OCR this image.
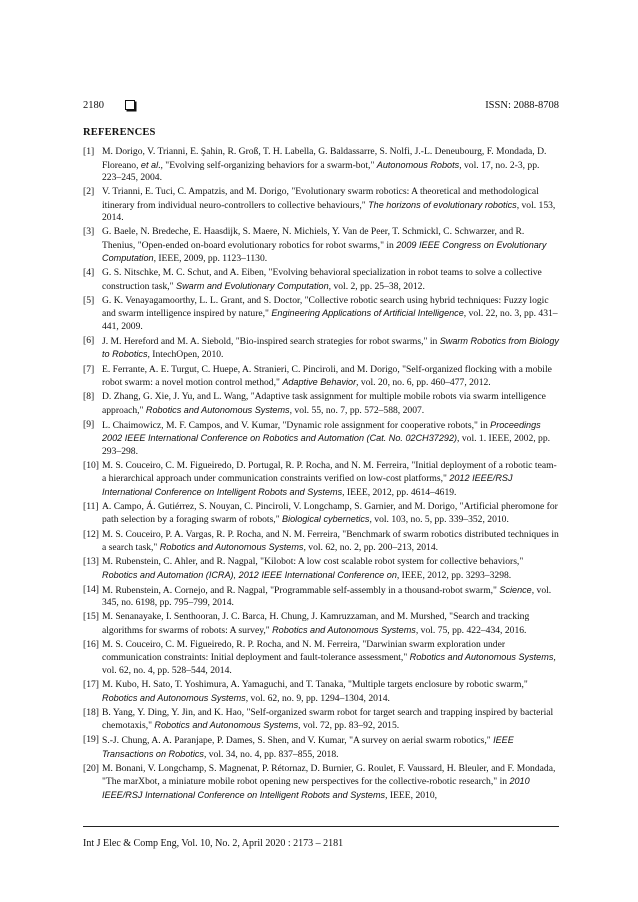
2180	ISSN: 2088-8708
REFERENCES
[1] M. Dorigo, V. Trianni, E. Şahin, R. Groß, T. H. Labella, G. Baldassarre, S. Nolfi, J.-L. Deneubourg, F. Mondada, D. Floreano, et al., "Evolving self-organizing behaviors for a swarm-bot," Autonomous Robots, vol. 17, no. 2-3, pp. 223–245, 2004.
[2] V. Trianni, E. Tuci, C. Ampatzis, and M. Dorigo, "Evolutionary swarm robotics: A theoretical and methodological itinerary from individual neuro-controllers to collective behaviours," The horizons of evolutionary robotics, vol. 153, 2014.
[3] G. Baele, N. Bredeche, E. Haasdijk, S. Maere, N. Michiels, Y. Van de Peer, T. Schmickl, C. Schwarzer, and R. Thenius, "Open-ended on-board evolutionary robotics for robot swarms," in 2009 IEEE Congress on Evolutionary Computation, IEEE, 2009, pp. 1123–1130.
[4] G. S. Nitschke, M. C. Schut, and A. Eiben, "Evolving behavioral specialization in robot teams to solve a collective construction task," Swarm and Evolutionary Computation, vol. 2, pp. 25–38, 2012.
[5] G. K. Venayagamoorthy, L. L. Grant, and S. Doctor, "Collective robotic search using hybrid techniques: Fuzzy logic and swarm intelligence inspired by nature," Engineering Applications of Artificial Intelligence, vol. 22, no. 3, pp. 431–441, 2009.
[6] J. M. Hereford and M. A. Siebold, "Bio-inspired search strategies for robot swarms," in Swarm Robotics from Biology to Robotics, IntechOpen, 2010.
[7] E. Ferrante, A. E. Turgut, C. Huepe, A. Stranieri, C. Pinciroli, and M. Dorigo, "Self-organized flocking with a mobile robot swarm: a novel motion control method," Adaptive Behavior, vol. 20, no. 6, pp. 460–477, 2012.
[8] D. Zhang, G. Xie, J. Yu, and L. Wang, "Adaptive task assignment for multiple mobile robots via swarm intelligence approach," Robotics and Autonomous Systems, vol. 55, no. 7, pp. 572–588, 2007.
[9] L. Chaimowicz, M. F. Campos, and V. Kumar, "Dynamic role assignment for cooperative robots," in Proceedings 2002 IEEE International Conference on Robotics and Automation (Cat. No. 02CH37292), vol. 1. IEEE, 2002, pp. 293–298.
[10] M. S. Couceiro, C. M. Figueiredo, D. Portugal, R. P. Rocha, and N. M. Ferreira, "Initial deployment of a robotic team-a hierarchical approach under communication constraints verified on low-cost platforms," 2012 IEEE/RSJ International Conference on Intelligent Robots and Systems, IEEE, 2012, pp. 4614–4619.
[11] A. Campo, Á. Gutiérrez, S. Nouyan, C. Pinciroli, V. Longchamp, S. Garnier, and M. Dorigo, "Artificial pheromone for path selection by a foraging swarm of robots," Biological cybernetics, vol. 103, no. 5, pp. 339–352, 2010.
[12] M. S. Couceiro, P. A. Vargas, R. P. Rocha, and N. M. Ferreira, "Benchmark of swarm robotics distributed techniques in a search task," Robotics and Autonomous Systems, vol. 62, no. 2, pp. 200–213, 2014.
[13] M. Rubenstein, C. Ahler, and R. Nagpal, "Kilobot: A low cost scalable robot system for collective behaviors," Robotics and Automation (ICRA), 2012 IEEE International Conference on, IEEE, 2012, pp. 3293–3298.
[14] M. Rubenstein, A. Cornejo, and R. Nagpal, "Programmable self-assembly in a thousand-robot swarm," Science, vol. 345, no. 6198, pp. 795–799, 2014.
[15] M. Senanayake, I. Senthooran, J. C. Barca, H. Chung, J. Kamruzzaman, and M. Murshed, "Search and tracking algorithms for swarms of robots: A survey," Robotics and Autonomous Systems, vol. 75, pp. 422–434, 2016.
[16] M. S. Couceiro, C. M. Figueiredo, R. P. Rocha, and N. M. Ferreira, "Darwinian swarm exploration under communication constraints: Initial deployment and fault-tolerance assessment," Robotics and Autonomous Systems, vol. 62, no. 4, pp. 528–544, 2014.
[17] M. Kubo, H. Sato, T. Yoshimura, A. Yamaguchi, and T. Tanaka, "Multiple targets enclosure by robotic swarm," Robotics and Autonomous Systems, vol. 62, no. 9, pp. 1294–1304, 2014.
[18] B. Yang, Y. Ding, Y. Jin, and K. Hao, "Self-organized swarm robot for target search and trapping inspired by bacterial chemotaxis," Robotics and Autonomous Systems, vol. 72, pp. 83–92, 2015.
[19] S.-J. Chung, A. A. Paranjape, P. Dames, S. Shen, and V. Kumar, "A survey on aerial swarm robotics," IEEE Transactions on Robotics, vol. 34, no. 4, pp. 837–855, 2018.
[20] M. Bonani, V. Longchamp, S. Magnenat, P. Rétornaz, D. Burnier, G. Roulet, F. Vaussard, H. Bleuler, and F. Mondada, "The marXbot, a miniature mobile robot opening new perspectives for the collective-robotic research," in 2010 IEEE/RSJ International Conference on Intelligent Robots and Systems, IEEE, 2010,
Int J Elec & Comp Eng, Vol. 10, No. 2, April 2020 : 2173 – 2181
